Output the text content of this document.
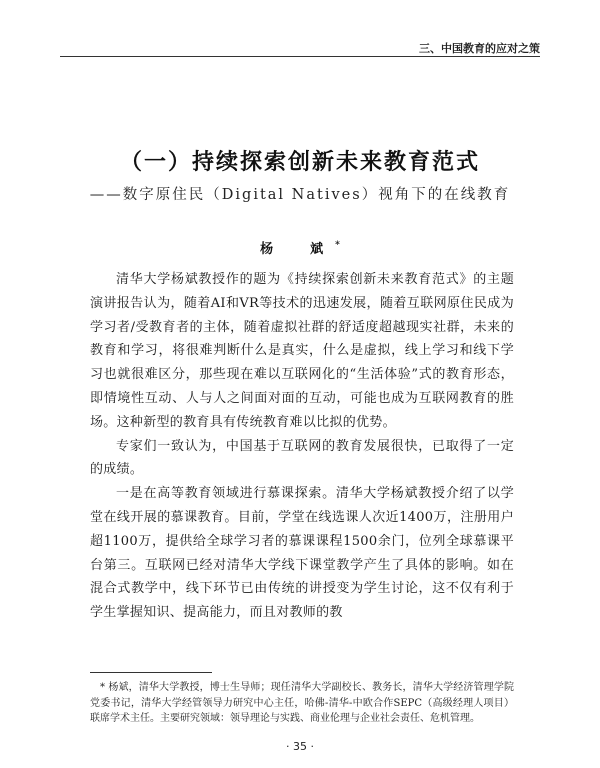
三、中国教育的应对之策
（一）持续探索创新未来教育范式
——数字原住民（Digital Natives）视角下的在线教育
杨　斌*

清华大学杨斌教授作的题为《持续探索创新未来教育范式》的主题演讲报告认为，随着AI和VR等技术的迅速发展，随着互联网原住民成为学习者/受教育者的主体，随着虚拟社群的舒适度超越现实社群，未来的教育和学习，将很难判断什么是真实，什么是虚拟，线上学习和线下学习也就很难区分，那些现在难以互联网化的“生活体验”式的教育形态，即情境性互动、人与人之间面对面的互动，可能也成为互联网教育的胜场。这种新型的教育具有传统教育难以比拟的优势。

专家们一致认为，中国基于互联网的教育发展很快，已取得了一定的成绩。

一是在高等教育领域进行慕课探索。清华大学杨斌教授介绍了以学堂在线开展的慕课教育。目前，学堂在线选课人次近1400万，注册用户超1100万，提供给全球学习者的慕课课程1500余门，位列全球慕课平台第三。互联网已经对清华大学线下课堂教学产生了具体的影响。如在混合式教学中，线下环节已由传统的讲授变为学生讨论，这不仅有利于学生掌握知识、提高能力，而且对教师的教

* 杨斌，清华大学教授，博士生导师；现任清华大学副校长、教务长，清华大学经济管理学院党委书记，清华大学经管领导力研究中心主任，哈佛-清华-中欧合作SEPC（高级经理人项目）联席学术主任。主要研究领域：领导理论与实践、商业伦理与企业社会责任、危机管理。

· 35 ·
